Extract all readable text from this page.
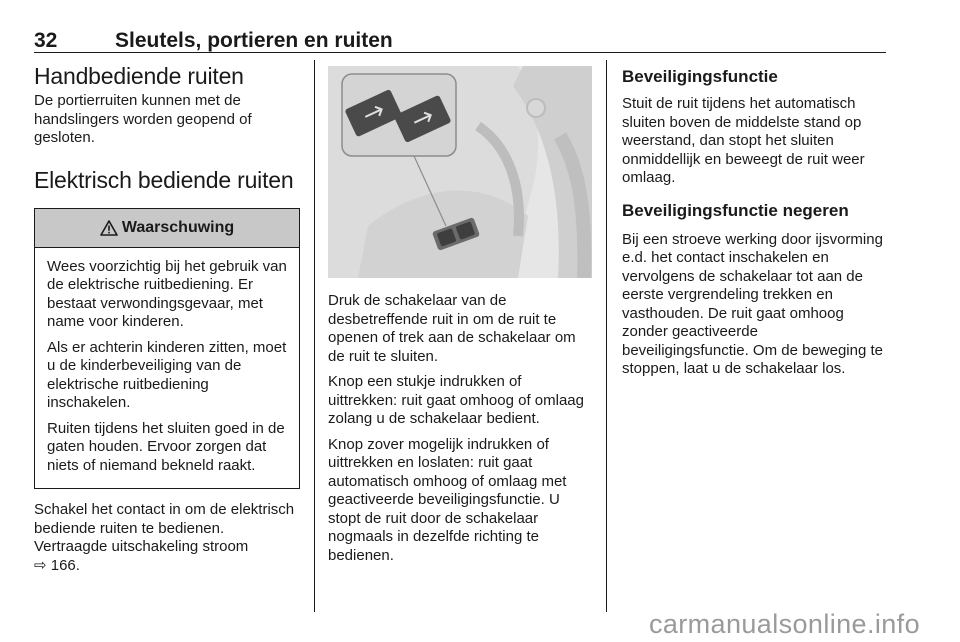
32	Sleutels, portieren en ruiten
Handbediende ruiten

De portierruiten kunnen met de handslingers worden geopend of gesloten.

Elektrisch bediende ruiten
Waarschuwing

Wees voorzichtig bij het gebruik van de elektrische ruitbediening. Er bestaat verwondingsgevaar, met name voor kinderen.

Als er achterin kinderen zitten, moet u de kinderbeveiliging van de elektrische ruitbediening inschakelen.

Ruiten tijdens het sluiten goed in de gaten houden. Ervoor zorgen dat niets of niemand bekneld raakt.

Schakel het contact in om de elektrisch bediende ruiten te bedienen. Vertraagde uitschakeling stroom
⇨ 166.

Druk de schakelaar van de desbetreffende ruit in om de ruit te openen of trek aan de schakelaar om de ruit te sluiten.

Knop een stukje indrukken of uittrekken: ruit gaat omhoog of omlaag zolang u de schakelaar bedient.

Knop zover mogelijk indrukken of uittrekken en loslaten: ruit gaat automatisch omhoog of omlaag met geactiveerde beveiligingsfunctie. U stopt de ruit door de schakelaar nogmaals in dezelfde richting te bedienen.

Beveiligingsfunctie

Stuit de ruit tijdens het automatisch sluiten boven de middelste stand op weerstand, dan stopt het sluiten onmiddellijk en beweegt de ruit weer omlaag.

Beveiligingsfunctie negeren

Bij een stroeve werking door ijsvorming e.d. het contact inschakelen en vervolgens de schakelaar tot aan de eerste vergrendeling trekken en vasthouden. De ruit gaat omhoog zonder geactiveerde beveiligingsfunctie. Om de beweging te stoppen, laat u de schakelaar los.

carmanualsonline.info
